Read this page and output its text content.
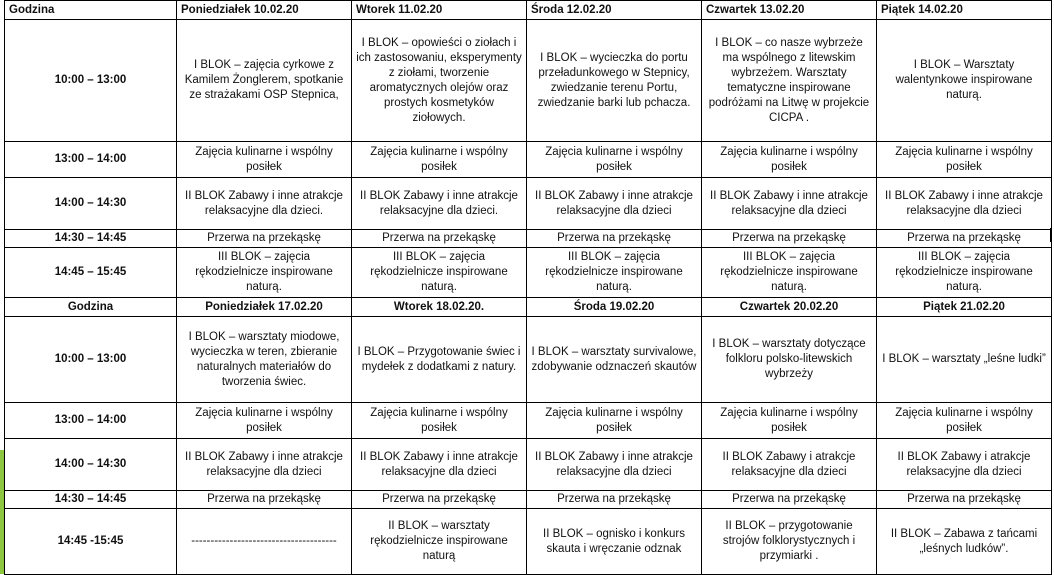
Godzina	Poniedziałek 10.02.20	Wtorek 11.02.20	Środa 12.02.20	Czwartek 13.02.20	Piątek 14.02.20
10:00 – 13:00	I BLOK – zajęcia cyrkowe z Kamilem Żonglerem, spotkanie ze strażakami OSP Stepnica,	I BLOK – opowieści o ziołach i ich zastosowaniu, eksperymenty z ziołami, tworzenie aromatycznych olejów oraz prostych kosmetyków ziołowych.	I BLOK – wycieczka do portu przeładunkowego w Stepnicy, zwiedzanie terenu Portu, zwiedzanie barki lub pchacza.	I BLOK – co nasze wybrzeże ma wspólnego z litewskim wybrzeżem. Warsztaty tematyczne inspirowane podróżami na Litwę w projekcie CICPA .	I BLOK – Warsztaty walentynkowe inspirowane naturą.
13:00 – 14:00	Zajęcia kulinarne i wspólny posiłek	Zajęcia kulinarne i wspólny posiłek	Zajęcia kulinarne i wspólny posiłek	Zajęcia kulinarne i wspólny posiłek	Zajęcia kulinarne i wspólny posiłek
14:00 – 14:30	II BLOK Zabawy i inne atrakcje relaksacyjne dla dzieci.	II BLOK Zabawy i inne atrakcje relaksacyjne dla dzieci.	II BLOK Zabawy i inne atrakcje relaksacyjne dla dzieci	II BLOK Zabawy i inne atrakcje relaksacyjne dla dzieci	II BLOK Zabawy i inne atrakcje relaksacyjne dla dzieci
14:30 – 14:45	Przerwa na przekąskę	Przerwa na przekąskę	Przerwa na przekąskę	Przerwa na przekąskę	Przerwa na przekąskę
14:45 – 15:45	III BLOK – zajęcia rękodzielnicze inspirowane naturą.	III BLOK – zajęcia rękodzielnicze inspirowane naturą.	III BLOK – zajęcia rękodzielnicze inspirowane naturą.	III BLOK – zajęcia rękodzielnicze inspirowane naturą.	III BLOK – zajęcia rękodzielnicze inspirowane naturą.
Godzina	Poniedziałek 17.02.20	Wtorek 18.02.20.	Środa 19.02.20	Czwartek 20.02.20	Piątek 21.02.20
10:00 – 13:00	I BLOK – warsztaty miodowe, wycieczka w teren, zbieranie naturalnych materiałów do tworzenia świec.	I BLOK – Przygotowanie świec i mydełek z dodatkami z natury.	I BLOK – warsztaty survivalowe, zdobywanie odznaczeń skautów	I BLOK – warsztaty dotyczące folkloru polsko-litewskich wybrzeży	I BLOK – warsztaty „leśne ludki”
13:00 – 14:00	Zajęcia kulinarne i wspólny posiłek	Zajęcia kulinarne i wspólny posiłek	Zajęcia kulinarne i wspólny posiłek	Zajęcia kulinarne i wspólny posiłek	Zajęcia kulinarne i wspólny posiłek
14:00 – 14:30	II BLOK Zabawy i inne atrakcje relaksacyjne dla dzieci	II BLOK Zabawy i inne atrakcje relaksacyjne dla dzieci	II BLOK Zabawy i inne atrakcje relaksacyjne dla dzieci	II BLOK Zabawy i atrakcje relaksacyjne dla dzieci	II BLOK Zabawy i atrakcje relaksacyjne dla dzieci
14:30 – 14:45	Przerwa na przekąskę	Przerwa na przekąskę	Przerwa na przekąskę	Przerwa na przekąskę	Przerwa na przekąskę
14:45 -15:45	--------------------------------------	II BLOK – warsztaty rękodzielnicze inspirowane naturą	II BLOK – ognisko i konkurs skauta i wręczanie odznak	II BLOK – przygotowanie strojów folklorystycznych i przymiarki .	II BLOK – Zabawa z tańcami „leśnych ludków”.
